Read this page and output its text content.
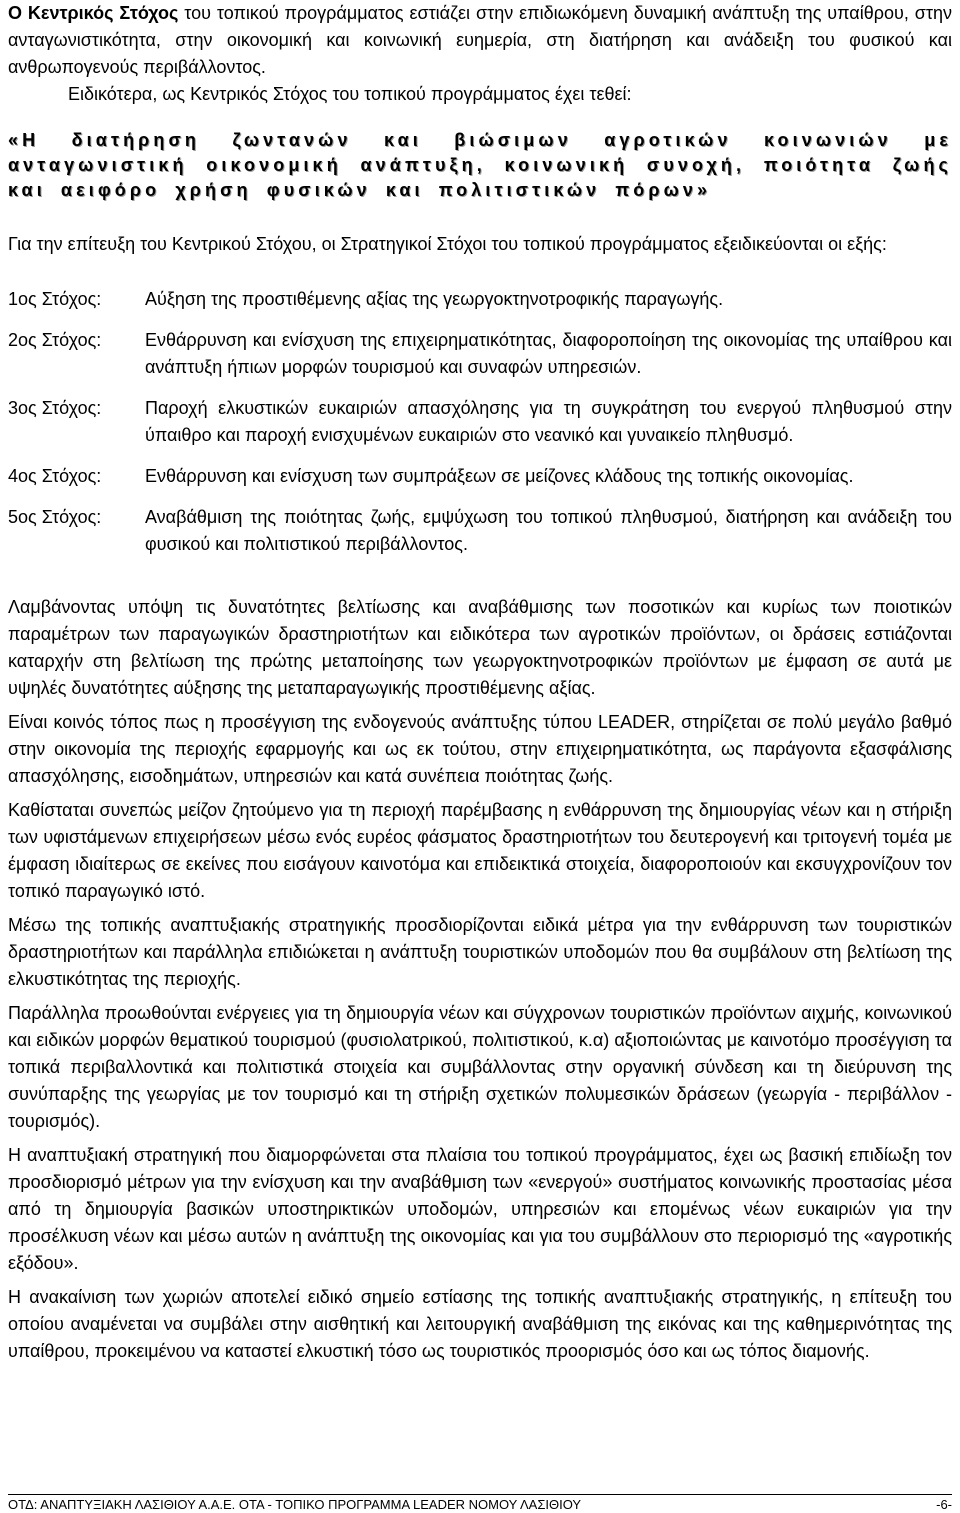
Ο Κεντρικός Στόχος του τοπικού προγράμματος εστιάζει στην επιδιωκόμενη δυναμική ανάπτυξη της υπαίθρου, στην ανταγωνιστικότητα, στην οικονομική και κοινωνική ευημερία, στη διατήρηση και ανάδειξη του φυσικού και ανθρωπογενούς περιβάλλοντος.

Ειδικότερα, ως Κεντρικός Στόχος του τοπικού προγράμματος έχει τεθεί:

«Η διατήρηση ζωντανών και βιώσιμων αγροτικών κοινωνιών με ανταγωνιστική οικονομική ανάπτυξη, κοινωνική συνοχή, ποιότητα ζωής και αειφόρο χρήση φυσικών και πολιτιστικών πόρων»

Για την επίτευξη του Κεντρικού Στόχου, οι Στρατηγικοί Στόχοι του τοπικού προγράμματος εξειδικεύονται οι εξής:

1ος Στόχος:	Αύξηση της προστιθέμενης αξίας της γεωργοκτηνοτροφικής παραγωγής.
2ος Στόχος:	Ενθάρρυνση και ενίσχυση της επιχειρηματικότητας, διαφοροποίηση της οικονομίας της υπαίθρου και ανάπτυξη ήπιων μορφών τουρισμού και συναφών υπηρεσιών.
3ος Στόχος:	Παροχή ελκυστικών ευκαιριών απασχόλησης για τη συγκράτηση του ενεργού πληθυσμού στην ύπαιθρο και παροχή ενισχυμένων ευκαιριών στο νεανικό και γυναικείο πληθυσμό.
4ος Στόχος:	Ενθάρρυνση και ενίσχυση των συμπράξεων σε μείζονες κλάδους της τοπικής οικονομίας.
5ος Στόχος:	Αναβάθμιση της ποιότητας ζωής, εμψύχωση του τοπικού πληθυσμού, διατήρηση και ανάδειξη του φυσικού και πολιτιστικού περιβάλλοντος.

Λαμβάνοντας υπόψη τις δυνατότητες βελτίωσης και αναβάθμισης των ποσοτικών και κυρίως των ποιοτικών παραμέτρων των παραγωγικών δραστηριοτήτων και ειδικότερα των αγροτικών προϊόντων, οι δράσεις εστιάζονται καταρχήν στη βελτίωση της πρώτης μεταποίησης των γεωργοκτηνοτροφικών προϊόντων με έμφαση σε αυτά με υψηλές δυνατότητες αύξησης της μεταπαραγωγικής προστιθέμενης αξίας.

Είναι κοινός τόπος πως η προσέγγιση της ενδογενούς ανάπτυξης τύπου LEADER, στηρίζεται σε πολύ μεγάλο βαθμό στην οικονομία της περιοχής εφαρμογής και ως εκ τούτου, στην επιχειρηματικότητα, ως παράγοντα εξασφάλισης απασχόλησης, εισοδημάτων, υπηρεσιών και κατά συνέπεια ποιότητας ζωής.

Καθίσταται συνεπώς μείζον ζητούμενο για τη περιοχή παρέμβασης η ενθάρρυνση της δημιουργίας νέων και η στήριξη των υφιστάμενων επιχειρήσεων μέσω ενός ευρέος φάσματος δραστηριοτήτων του δευτερογενή και τριτογενή τομέα με έμφαση ιδιαίτερως σε εκείνες που εισάγουν καινοτόμα και επιδεικτικά στοιχεία, διαφοροποιούν και εκσυγχρονίζουν τον τοπικό παραγωγικό ιστό.

Μέσω της τοπικής αναπτυξιακής στρατηγικής προσδιορίζονται ειδικά μέτρα για την ενθάρρυνση των τουριστικών δραστηριοτήτων και παράλληλα επιδιώκεται η ανάπτυξη τουριστικών υποδομών που θα συμβάλουν στη βελτίωση της ελκυστικότητας της περιοχής.

Παράλληλα προωθούνται ενέργειες για τη δημιουργία νέων και σύγχρονων τουριστικών προϊόντων αιχμής, κοινωνικού και ειδικών μορφών θεματικού τουρισμού (φυσιολατρικού, πολιτιστικού, κ.α) αξιοποιώντας με καινοτόμο προσέγγιση τα τοπικά περιβαλλοντικά και πολιτιστικά στοιχεία και συμβάλλοντας στην οργανική σύνδεση και τη διεύρυνση της συνύπαρξης της γεωργίας με τον τουρισμό και τη στήριξη σχετικών πολυμεσικών δράσεων (γεωργία - περιβάλλον - τουρισμός).

Η αναπτυξιακή στρατηγική που διαμορφώνεται στα πλαίσια του τοπικού προγράμματος, έχει ως βασική επιδίωξη τον προσδιορισμό μέτρων για την ενίσχυση και την αναβάθμιση των «ενεργού» συστήματος κοινωνικής προστασίας μέσα από τη δημιουργία βασικών υποστηρικτικών υποδομών, υπηρεσιών και επομένως νέων ευκαιριών για την προσέλκυση νέων και μέσω αυτών η ανάπτυξη της οικονομίας και για του συμβάλλουν στο περιορισμό της «αγροτικής εξόδου».

Η ανακαίνιση των χωριών αποτελεί ειδικό σημείο εστίασης της τοπικής αναπτυξιακής στρατηγικής, η επίτευξη του οποίου αναμένεται να συμβάλει στην αισθητική και λειτουργική αναβάθμιση της εικόνας και της καθημερινότητας της υπαίθρου, προκειμένου να καταστεί ελκυστική τόσο ως τουριστικός προορισμός όσο και ως τόπος διαμονής.

ΟΤΔ: ΑΝΑΠΤΥΞΙΑΚΗ ΛΑΣΙΘΙΟΥ Α.Α.Ε. ΟΤΑ - ΤΟΠΙΚΟ ΠΡΟΓΡΑΜΜΑ LEADER ΝΟΜΟΥ ΛΑΣΙΘΙΟΥ	-6-
